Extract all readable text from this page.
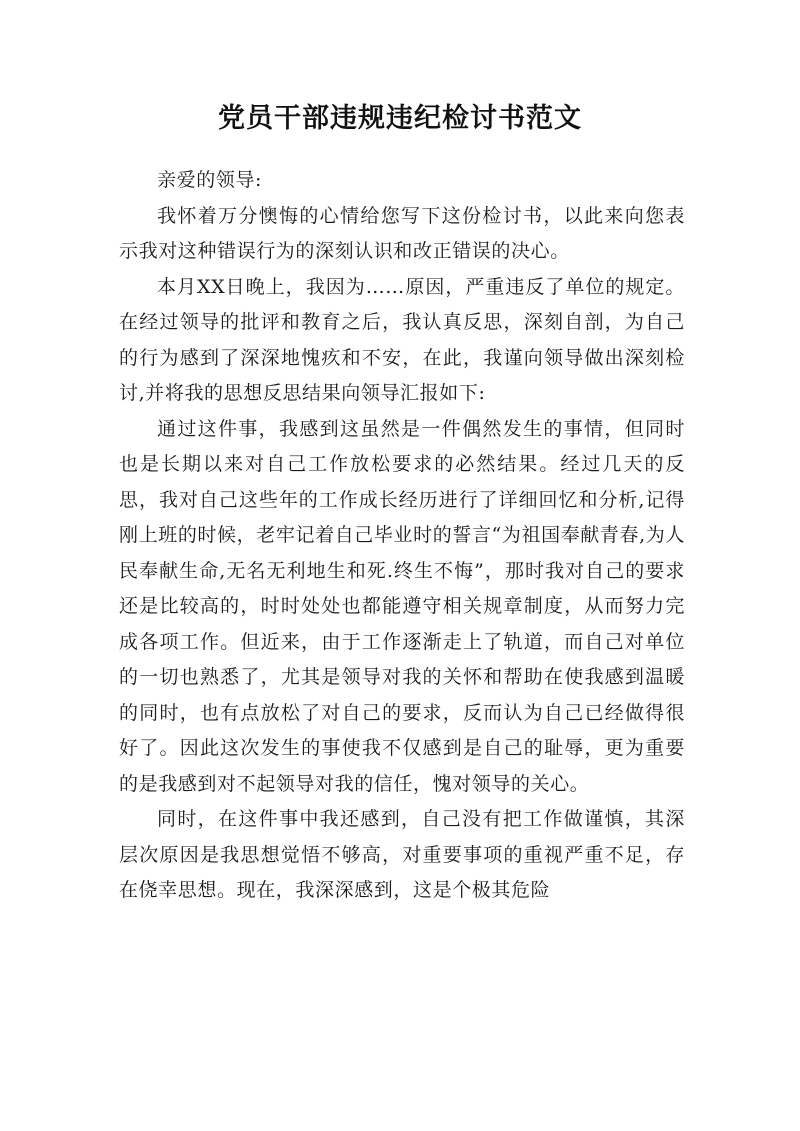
党员干部违规违纪检讨书范文

亲爱的领导:

我怀着万分懊悔的心情给您写下这份检讨书，以此来向您表示我对这种错误行为的深刻认识和改正错误的决心。

本月XX日晚上，我因为……原因，严重违反了单位的规定。在经过领导的批评和教育之后，我认真反思，深刻自剖，为自己的行为感到了深深地愧疚和不安，在此，我谨向领导做出深刻检讨,并将我的思想反思结果向领导汇报如下:

通过这件事，我感到这虽然是一件偶然发生的事情，但同时也是长期以来对自己工作放松要求的必然结果。经过几天的反思，我对自己这些年的工作成长经历进行了详细回忆和分析,记得刚上班的时候，老牢记着自己毕业时的誓言“为祖国奉献青春,为人民奉献生命,无名无利地生和死.终生不悔”，那时我对自己的要求还是比较高的，时时处处也都能遵守相关规章制度，从而努力完成各项工作。但近来，由于工作逐渐走上了轨道，而自己对单位的一切也熟悉了，尤其是领导对我的关怀和帮助在使我感到温暖的同时，也有点放松了对自己的要求，反而认为自己已经做得很好了。因此这次发生的事使我不仅感到是自己的耻辱，更为重要的是我感到对不起领导对我的信任，愧对领导的关心。

同时，在这件事中我还感到，自己没有把工作做谨慎，其深层次原因是我思想觉悟不够高，对重要事项的重视严重不足，存在侥幸思想。现在，我深深感到，这是个极其危险
